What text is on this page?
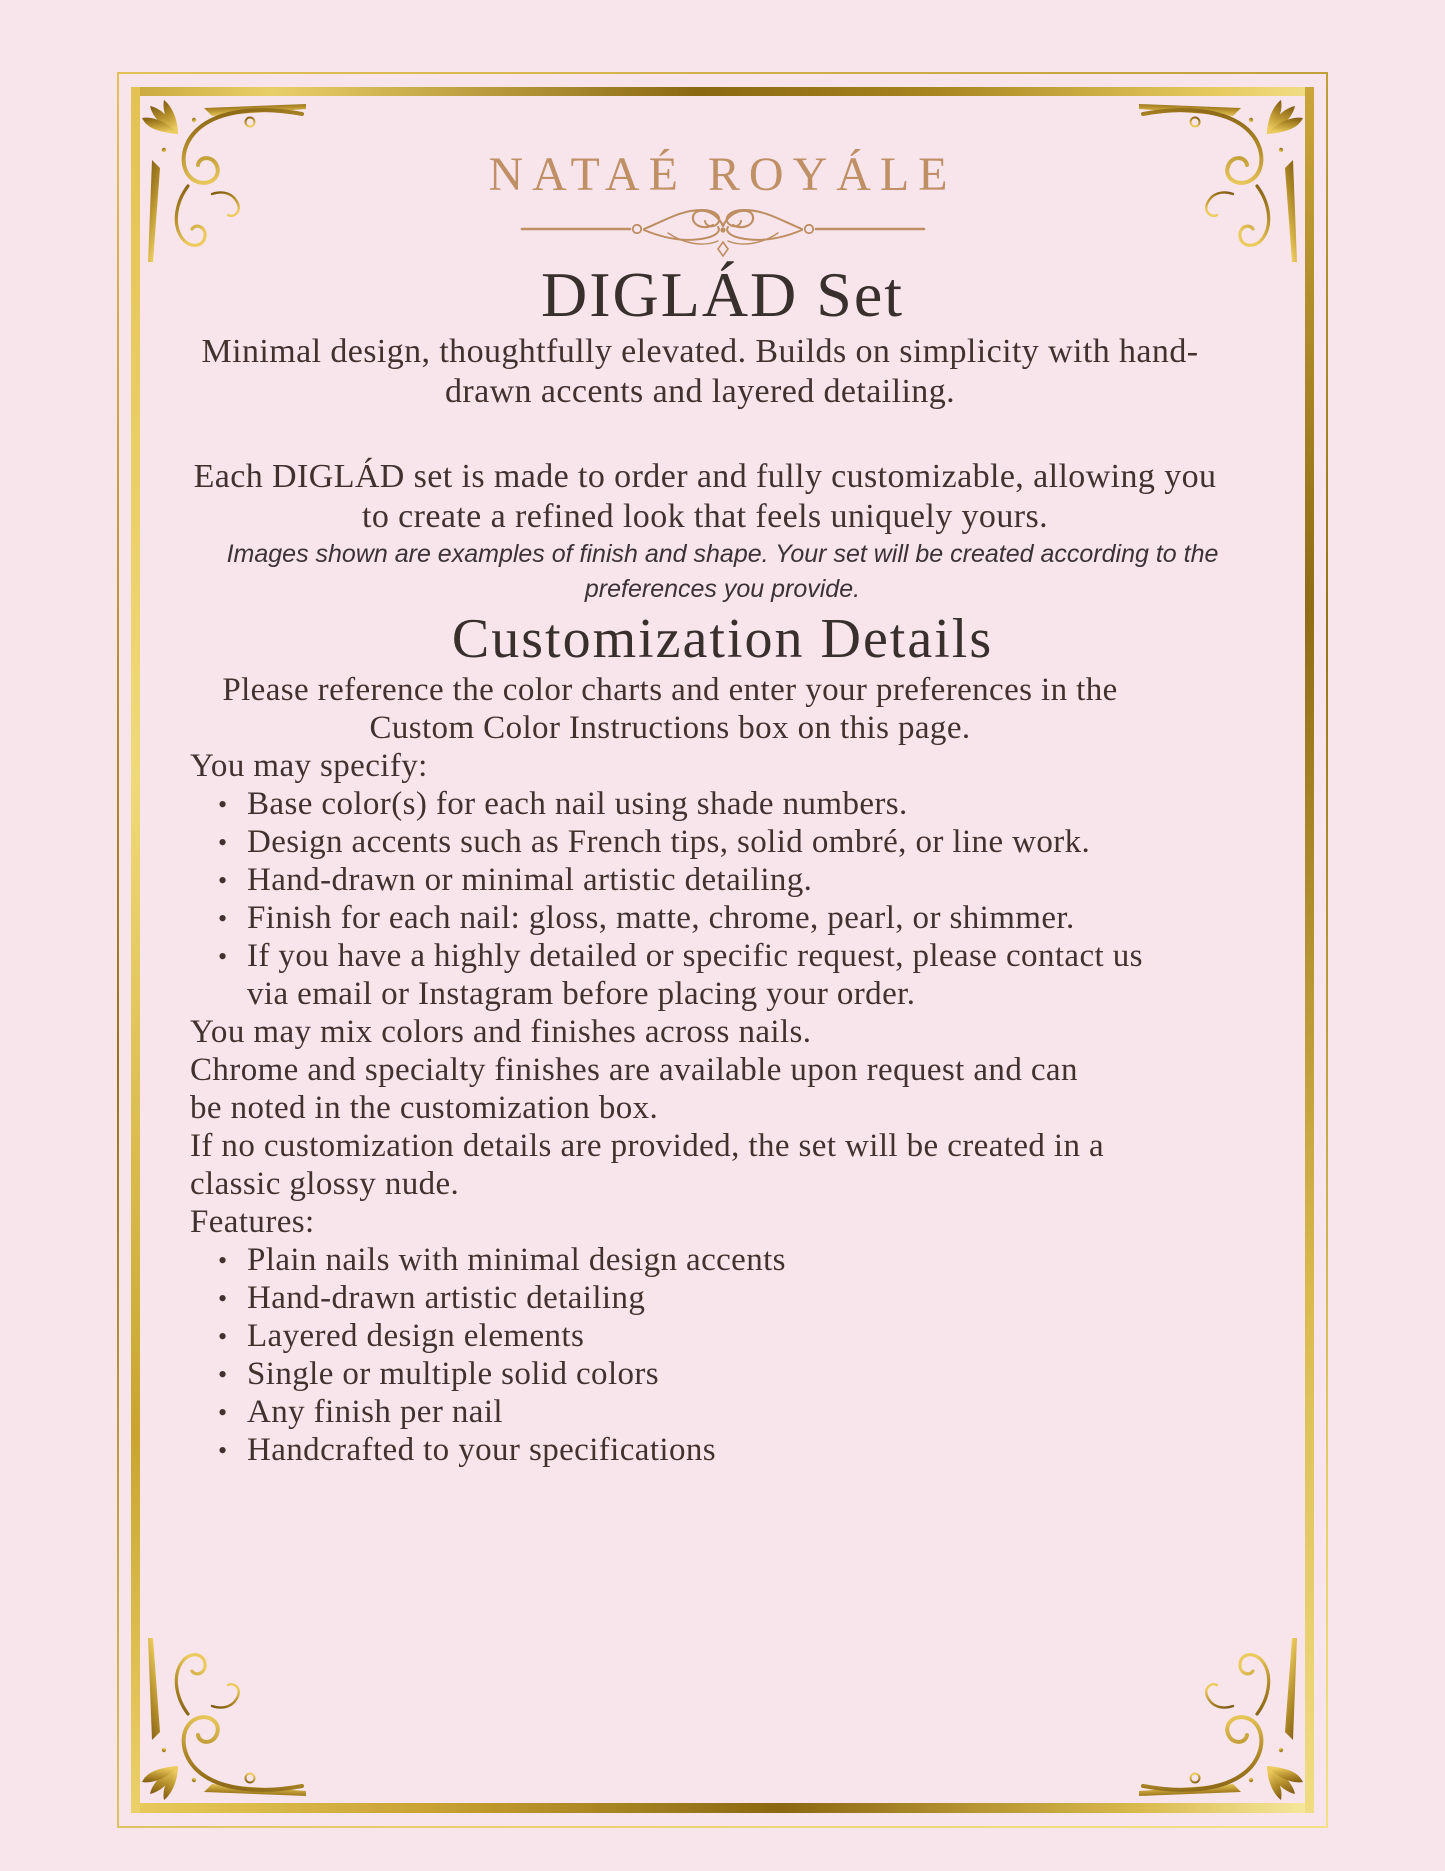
NATAÉ ROYÁLE
DIGLÁD Set

Minimal design, thoughtfully elevated. Builds on simplicity with hand-drawn accents and layered detailing.

Each DIGLÁD set is made to order and fully customizable, allowing you to create a refined look that feels uniquely yours.

Images shown are examples of finish and shape. Your set will be created according to the preferences you provide.

Customization Details

Please reference the color charts and enter your preferences in the Custom Color Instructions box on this page.

You may specify:

• Base color(s) for each nail using shade numbers.
• Design accents such as French tips, solid ombré, or line work.
• Hand-drawn or minimal artistic detailing.
• Finish for each nail: gloss, matte, chrome, pearl, or shimmer.
• If you have a highly detailed or specific request, please contact us via email or Instagram before placing your order.

You may mix colors and finishes across nails.

Chrome and specialty finishes are available upon request and can be noted in the customization box.

If no customization details are provided, the set will be created in a classic glossy nude.

Features:

• Plain nails with minimal design accents
• Hand-drawn artistic detailing
• Layered design elements
• Single or multiple solid colors
• Any finish per nail
• Handcrafted to your specifications
